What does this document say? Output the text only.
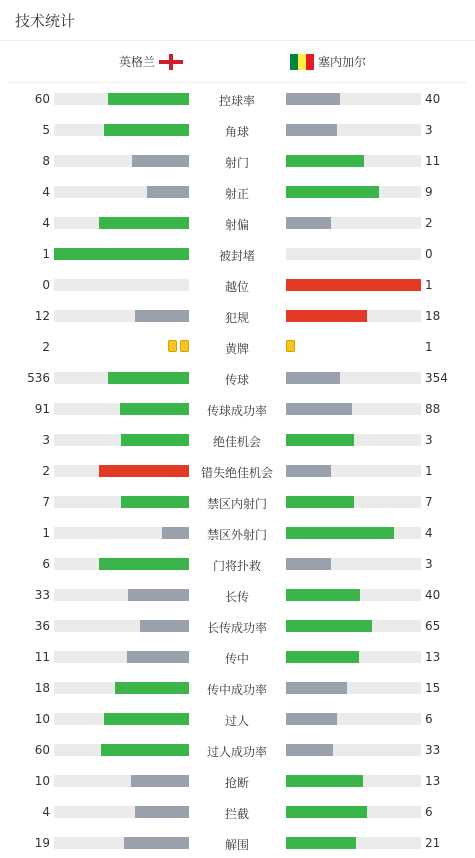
技术统计
英格兰	塞内加尔
60	控球率	40
5	角球	3
8	射门	11
4	射正	9
4	射偏	2
1	被封堵	0
0	越位	1
12	犯规	18
2	黄牌	1
536	传球	354
91	传球成功率	88
3	绝佳机会	3
2	错失绝佳机会	1
7	禁区内射门	7
1	禁区外射门	4
6	门将扑救	3
33	长传	40
36	长传成功率	65
11	传中	13
18	传中成功率	15
10	过人	6
60	过人成功率	33
10	抢断	13
4	拦截	6
19	解围	21
